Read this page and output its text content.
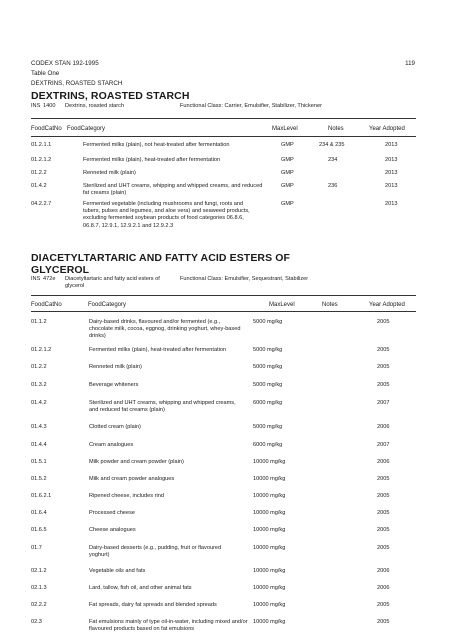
CODEX STAN 192-1995	119
Table One
DEXTRINS, ROASTED STARCH
DEXTRINS, ROASTED STARCH
INS 1400 Dextrins, roasted starch	Functional Class: Carrier, Emulsifier, Stabilizer, Thickener
FoodCatNo FoodCategory	MaxLevel	Notes	Year Adopted
01.2.1.1	Fermented milks (plain), not heat-treated after fermentation	GMP	234 & 235	2013
01.2.1.2	Fermented milks (plain), heat-treated after fermentation	GMP	234	2013
01.2.2	Renneted milk (plain)	GMP	2013
01.4.2	Sterilized and UHT creams, whipping and whipped creams, and reduced fat creams (plain)
GMP	236	2013
04.2.2.7	Fermented vegetable (including mushrooms and fungi, roots and tubers, pulses and legumes, and aloe vera) and seaweed products, excluding fermented soybean products of food categories 06.8.6, 06.8.7, 12.9.1, 12.9.2.1 and 12.9.2.3
GMP	2013
DIACETYLTARTARIC AND FATTY ACID ESTERS OF
GLYCEROL
INS 472e Diacetyltartaric and fatty acid esters of glycerol
Functional Class: Emulsifier, Sequestrant, Stabilizer
FoodCatNo	FoodCategory	MaxLevel	Notes	Year Adopted
01.1.2	Dairy-based drinks, flavoured and/or fermented (e.g., chocolate milk, cocoa, eggnog, drinking yoghurt, whey-based drinks)
5000 mg/kg	2005
01.2.1.2	Fermented milks (plain), heat-treated after fermentation	5000 mg/kg	2005
01.2.2	Renneted milk (plain)	5000 mg/kg	2005
01.3.2	Beverage whiteners	5000 mg/kg	2005
01.4.2	Sterilized and UHT creams, whipping and whipped creams, and reduced fat creams (plain)
6000 mg/kg	2007
01.4.3	Clotted cream (plain)	5000 mg/kg	2006
01.4.4	Cream analogues	6000 mg/kg	2007
01.5.1	Milk powder and cream powder (plain)	10000 mg/kg	2006
01.5.2	Milk and cream powder analogues	10000 mg/kg	2005
01.6.2.1	Ripened cheese, includes rind	10000 mg/kg	2005
01.6.4	Processed cheese	10000 mg/kg	2005
01.6.5	Cheese analogues	10000 mg/kg	2005
01.7	Dairy-based desserts (e.g., pudding, fruit or flavoured yoghurt)
10000 mg/kg	2005
02.1.2	Vegetable oils and fats	10000 mg/kg	2006
02.1.3	Lard, tallow, fish oil, and other animal fats	10000 mg/kg	2006
02.2.2	Fat spreads, dairy fat spreads and blended spreads	10000 mg/kg	2005
02.3	Fat emulsions mainly of type oil-in-water, including mixed and/or flavoured products based on fat emulsions
10000 mg/kg	2005
